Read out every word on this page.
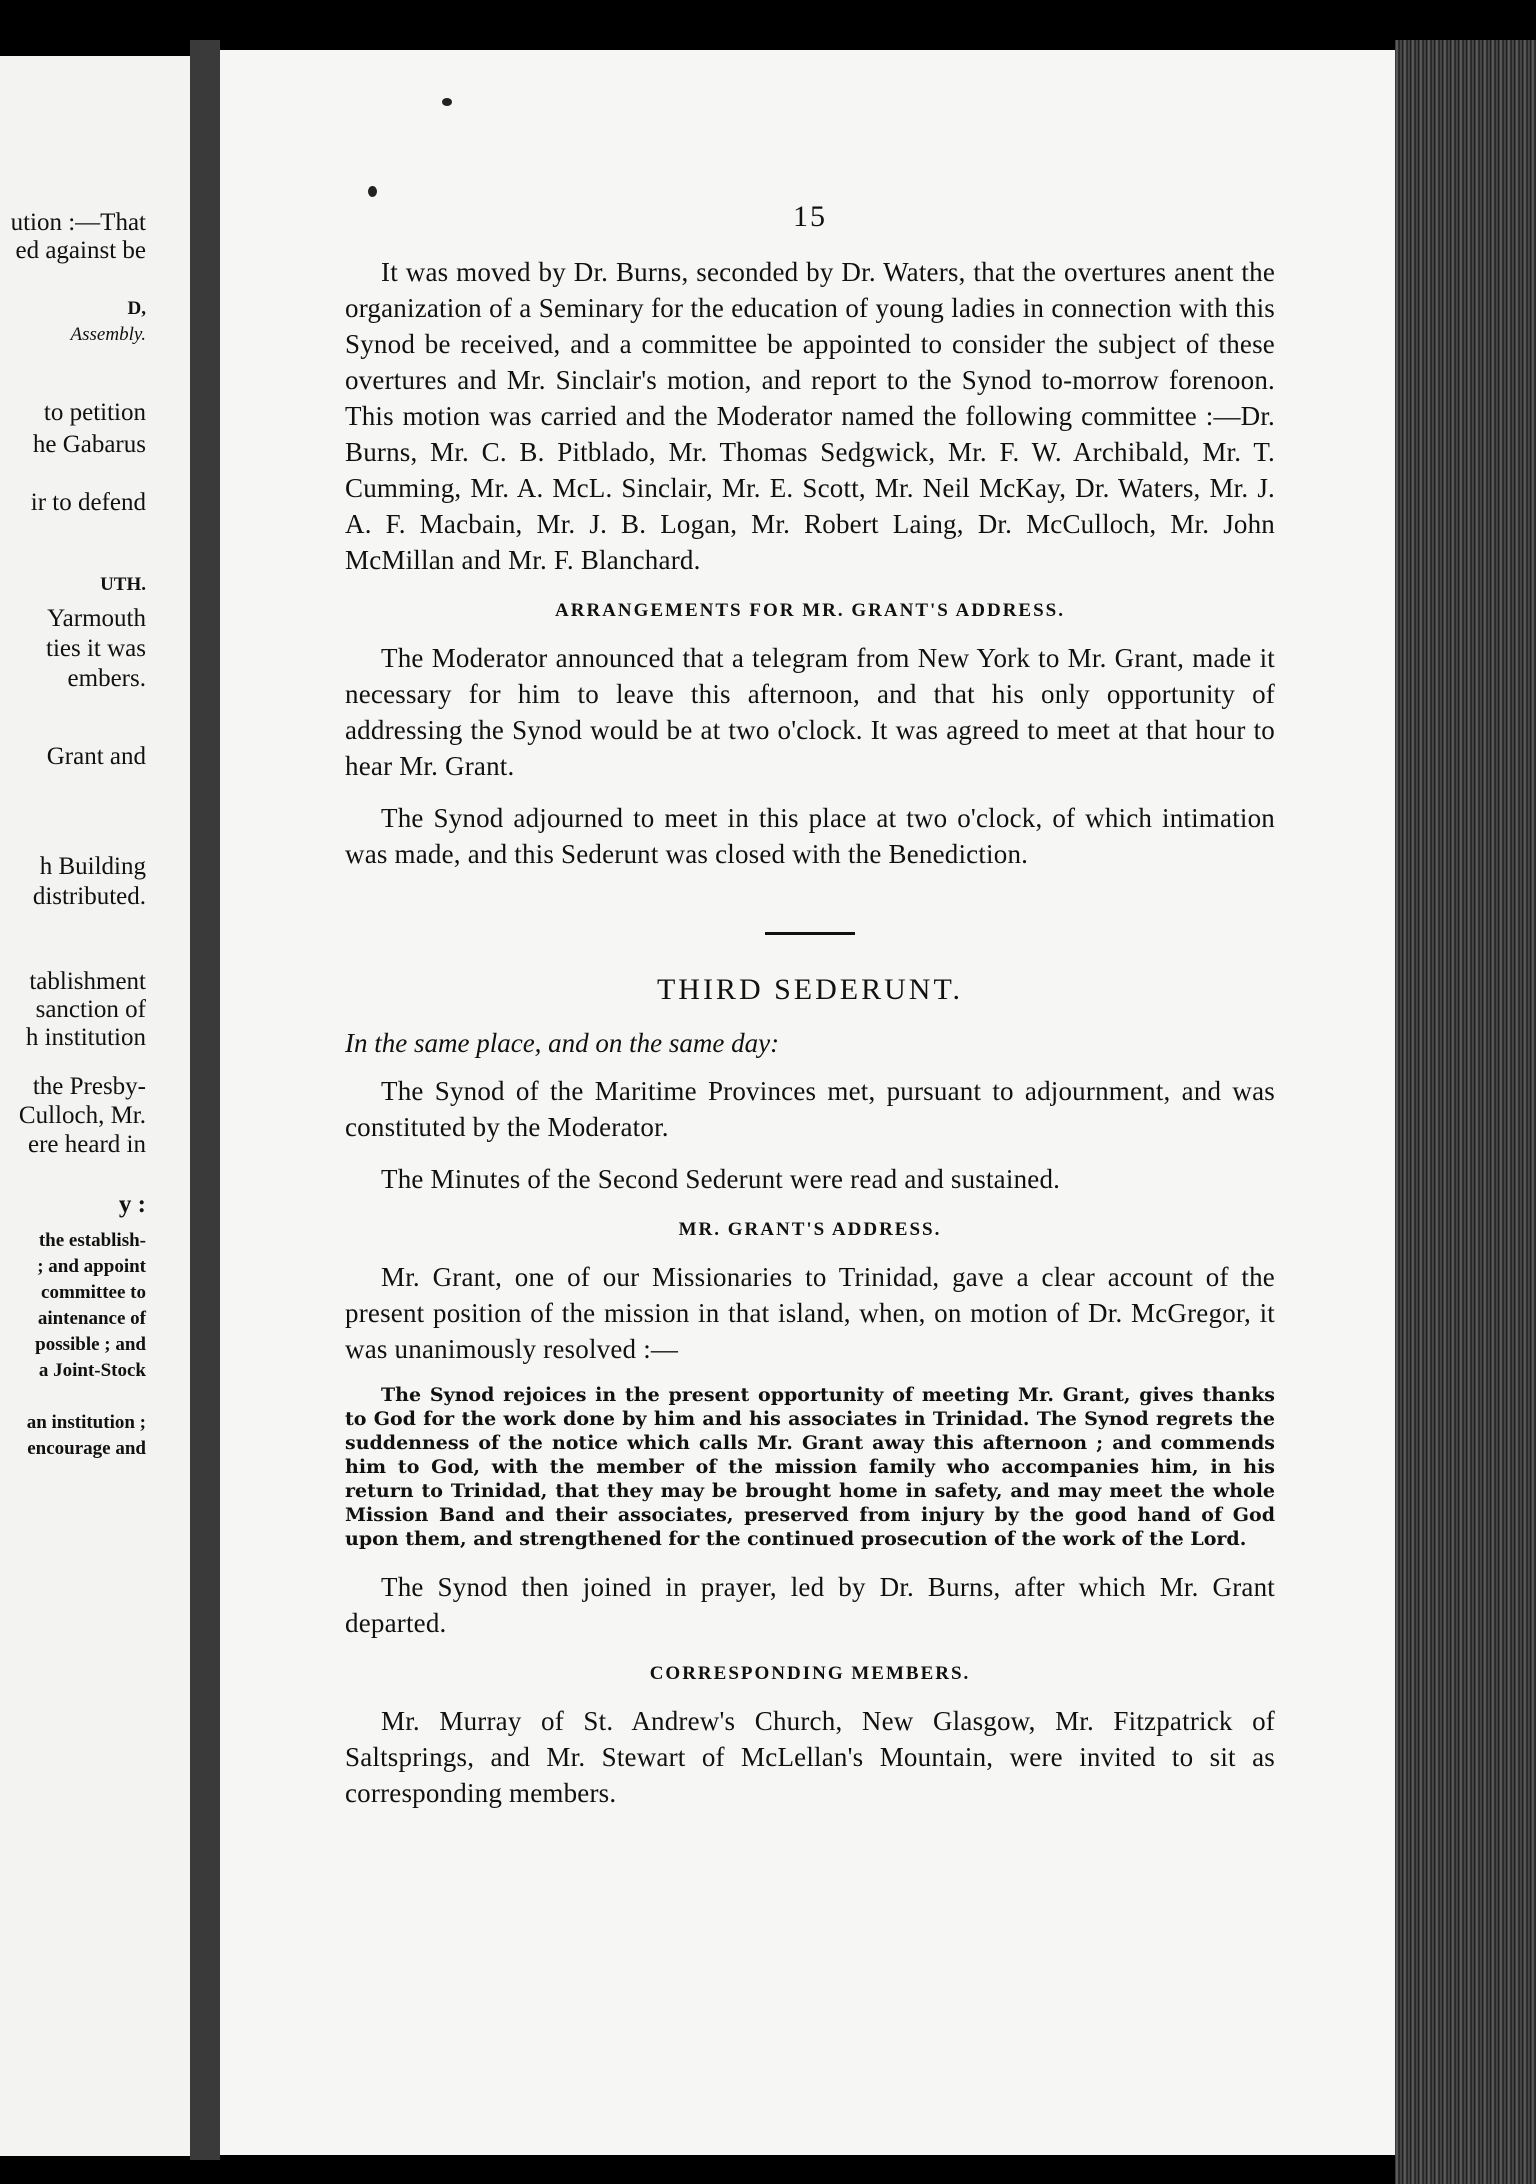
ution :—That
ed against be
D,
Assembly.
to petition
he Gabarus
ir to defend
UTH.
Yarmouth
ties it was
embers.
Grant and
h Building
distributed.
tablishment
sanction of
h institution
the Presby-
Culloch, Mr.
ere heard in
y :
the establish-
; and appoint
committee to
aintenance of
possible ; and
a Joint-Stock
an institution ;
encourage and
15

It was moved by Dr. Burns, seconded by Dr. Waters, that the overtures anent the organization of a Seminary for the education of young ladies in connection with this Synod be received, and a committee be appointed to consider the subject of these overtures and Mr. Sinclair's motion, and report to the Synod to-morrow forenoon. This motion was carried and the Moderator named the following committee :—Dr. Burns, Mr. C. B. Pitblado, Mr. Thomas Sedgwick, Mr. F. W. Archibald, Mr. T. Cumming, Mr. A. McL. Sinclair, Mr. E. Scott, Mr. Neil McKay, Dr. Waters, Mr. J. A. F. Macbain, Mr. J. B. Logan, Mr. Robert Laing, Dr. McCulloch, Mr. John McMillan and Mr. F. Blanchard.

ARRANGEMENTS FOR MR. GRANT'S ADDRESS.

The Moderator announced that a telegram from New York to Mr. Grant, made it necessary for him to leave this afternoon, and that his only opportunity of addressing the Synod would be at two o'clock. It was agreed to meet at that hour to hear Mr. Grant.

The Synod adjourned to meet in this place at two o'clock, of which intimation was made, and this Sederunt was closed with the Benediction.

THIRD SEDERUNT.

In the same place, and on the same day:

The Synod of the Maritime Provinces met, pursuant to adjournment, and was constituted by the Moderator.

The Minutes of the Second Sederunt were read and sustained.

MR. GRANT'S ADDRESS.

Mr. Grant, one of our Missionaries to Trinidad, gave a clear account of the present position of the mission in that island, when, on motion of Dr. McGregor, it was unanimously resolved :—

The Synod rejoices in the present opportunity of meeting Mr. Grant, gives thanks to God for the work done by him and his associates in Trinidad. The Synod regrets the suddenness of the notice which calls Mr. Grant away this afternoon ; and commends him to God, with the member of the mission family who accompanies him, in his return to Trinidad, that they may be brought home in safety, and may meet the whole Mission Band and their associates, preserved from injury by the good hand of God upon them, and strengthened for the continued prosecution of the work of the Lord.

The Synod then joined in prayer, led by Dr. Burns, after which Mr. Grant departed.

CORRESPONDING MEMBERS.

Mr. Murray of St. Andrew's Church, New Glasgow, Mr. Fitzpatrick of Saltsprings, and Mr. Stewart of McLellan's Mountain, were invited to sit as corresponding members.
